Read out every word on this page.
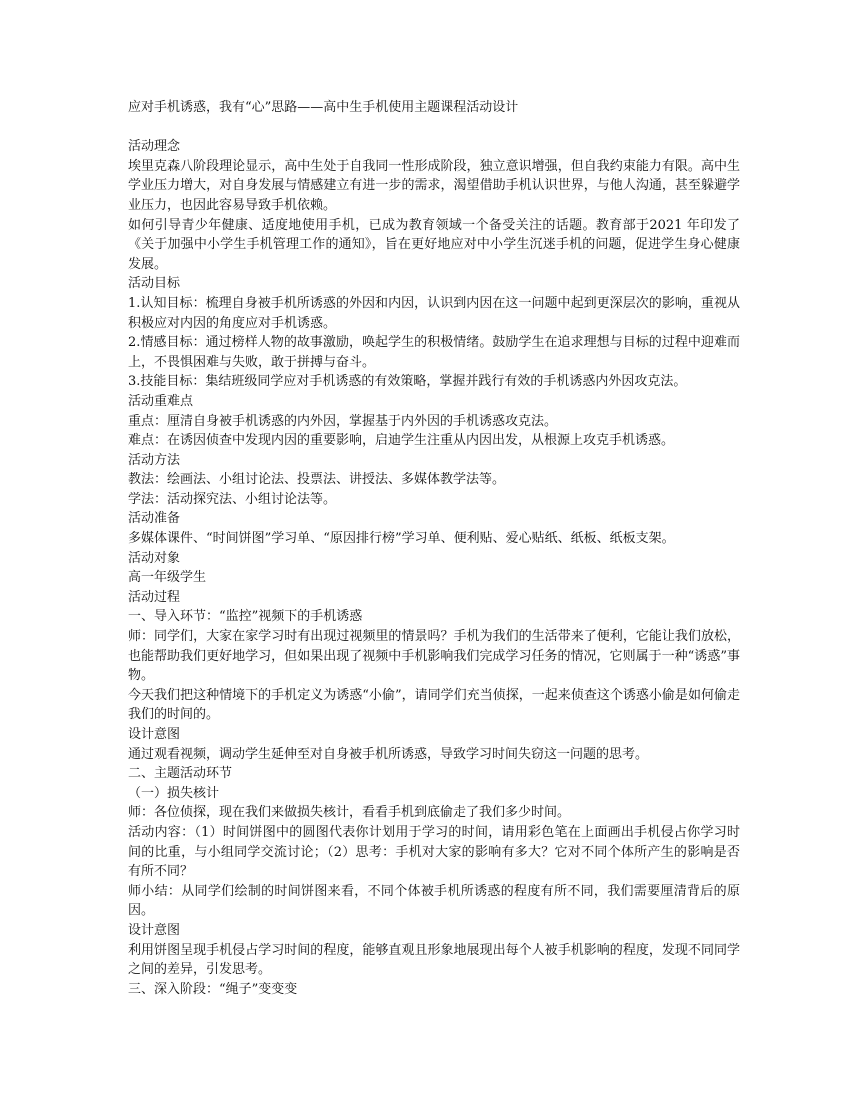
应对手机诱惑，我有“心”思路——高中生手机使用主题课程活动设计
活动理念
埃里克森八阶段理论显示，高中生处于自我同一性形成阶段，独立意识增强，但自我约束能力有限。高中生学业压力增大，对自身发展与情感建立有进一步的需求，渴望借助手机认识世界，与他人沟通，甚至躲避学业压力，也因此容易导致手机依赖。
如何引导青少年健康、适度地使用手机，已成为教育领域一个备受关注的话题。教育部于2021 年印发了《关于加强中小学生手机管理工作的通知》，旨在更好地应对中小学生沉迷手机的问题，促进学生身心健康发展。
活动目标
1.认知目标：梳理自身被手机所诱惑的外因和内因，认识到内因在这一问题中起到更深层次的影响，重视从积极应对内因的角度应对手机诱惑。
2.情感目标：通过榜样人物的故事激励，唤起学生的积极情绪。鼓励学生在追求理想与目标的过程中迎难而上，不畏惧困难与失败，敢于拼搏与奋斗。
3.技能目标：集结班级同学应对手机诱惑的有效策略，掌握并践行有效的手机诱惑内外因攻克法。
活动重难点
重点：厘清自身被手机诱惑的内外因，掌握基于内外因的手机诱惑攻克法。
难点：在诱因侦查中发现内因的重要影响，启迪学生注重从内因出发，从根源上攻克手机诱惑。
活动方法
教法：绘画法、小组讨论法、投票法、讲授法、多媒体教学法等。
学法：活动探究法、小组讨论法等。
活动准备
多媒体课件、“时间饼图”学习单、“原因排行榜”学习单、便利贴、爱心贴纸、纸板、纸板支架。
活动对象
高一年级学生
活动过程
一、导入环节：“监控”视频下的手机诱惑
师：同学们，大家在家学习时有出现过视频里的情景吗？手机为我们的生活带来了便利，它能让我们放松，也能帮助我们更好地学习，但如果出现了视频中手机影响我们完成学习任务的情况，它则属于一种“诱惑”事物。
今天我们把这种情境下的手机定义为诱惑“小偷”，请同学们充当侦探，一起来侦查这个诱惑小偷是如何偷走我们的时间的。
设计意图
通过观看视频，调动学生延伸至对自身被手机所诱惑，导致学习时间失窃这一问题的思考。
二、主题活动环节
（一）损失核计
师：各位侦探，现在我们来做损失核计，看看手机到底偷走了我们多少时间。
活动内容：（1）时间饼图中的圆图代表你计划用于学习的时间，请用彩色笔在上面画出手机侵占你学习时间的比重，与小组同学交流讨论；（2）思考：手机对大家的影响有多大？它对不同个体所产生的影响是否有所不同？
师小结：从同学们绘制的时间饼图来看，不同个体被手机所诱惑的程度有所不同，我们需要厘清背后的原因。
设计意图
利用饼图呈现手机侵占学习时间的程度，能够直观且形象地展现出每个人被手机影响的程度，发现不同同学之间的差异，引发思考。
三、深入阶段：“绳子”变变变
